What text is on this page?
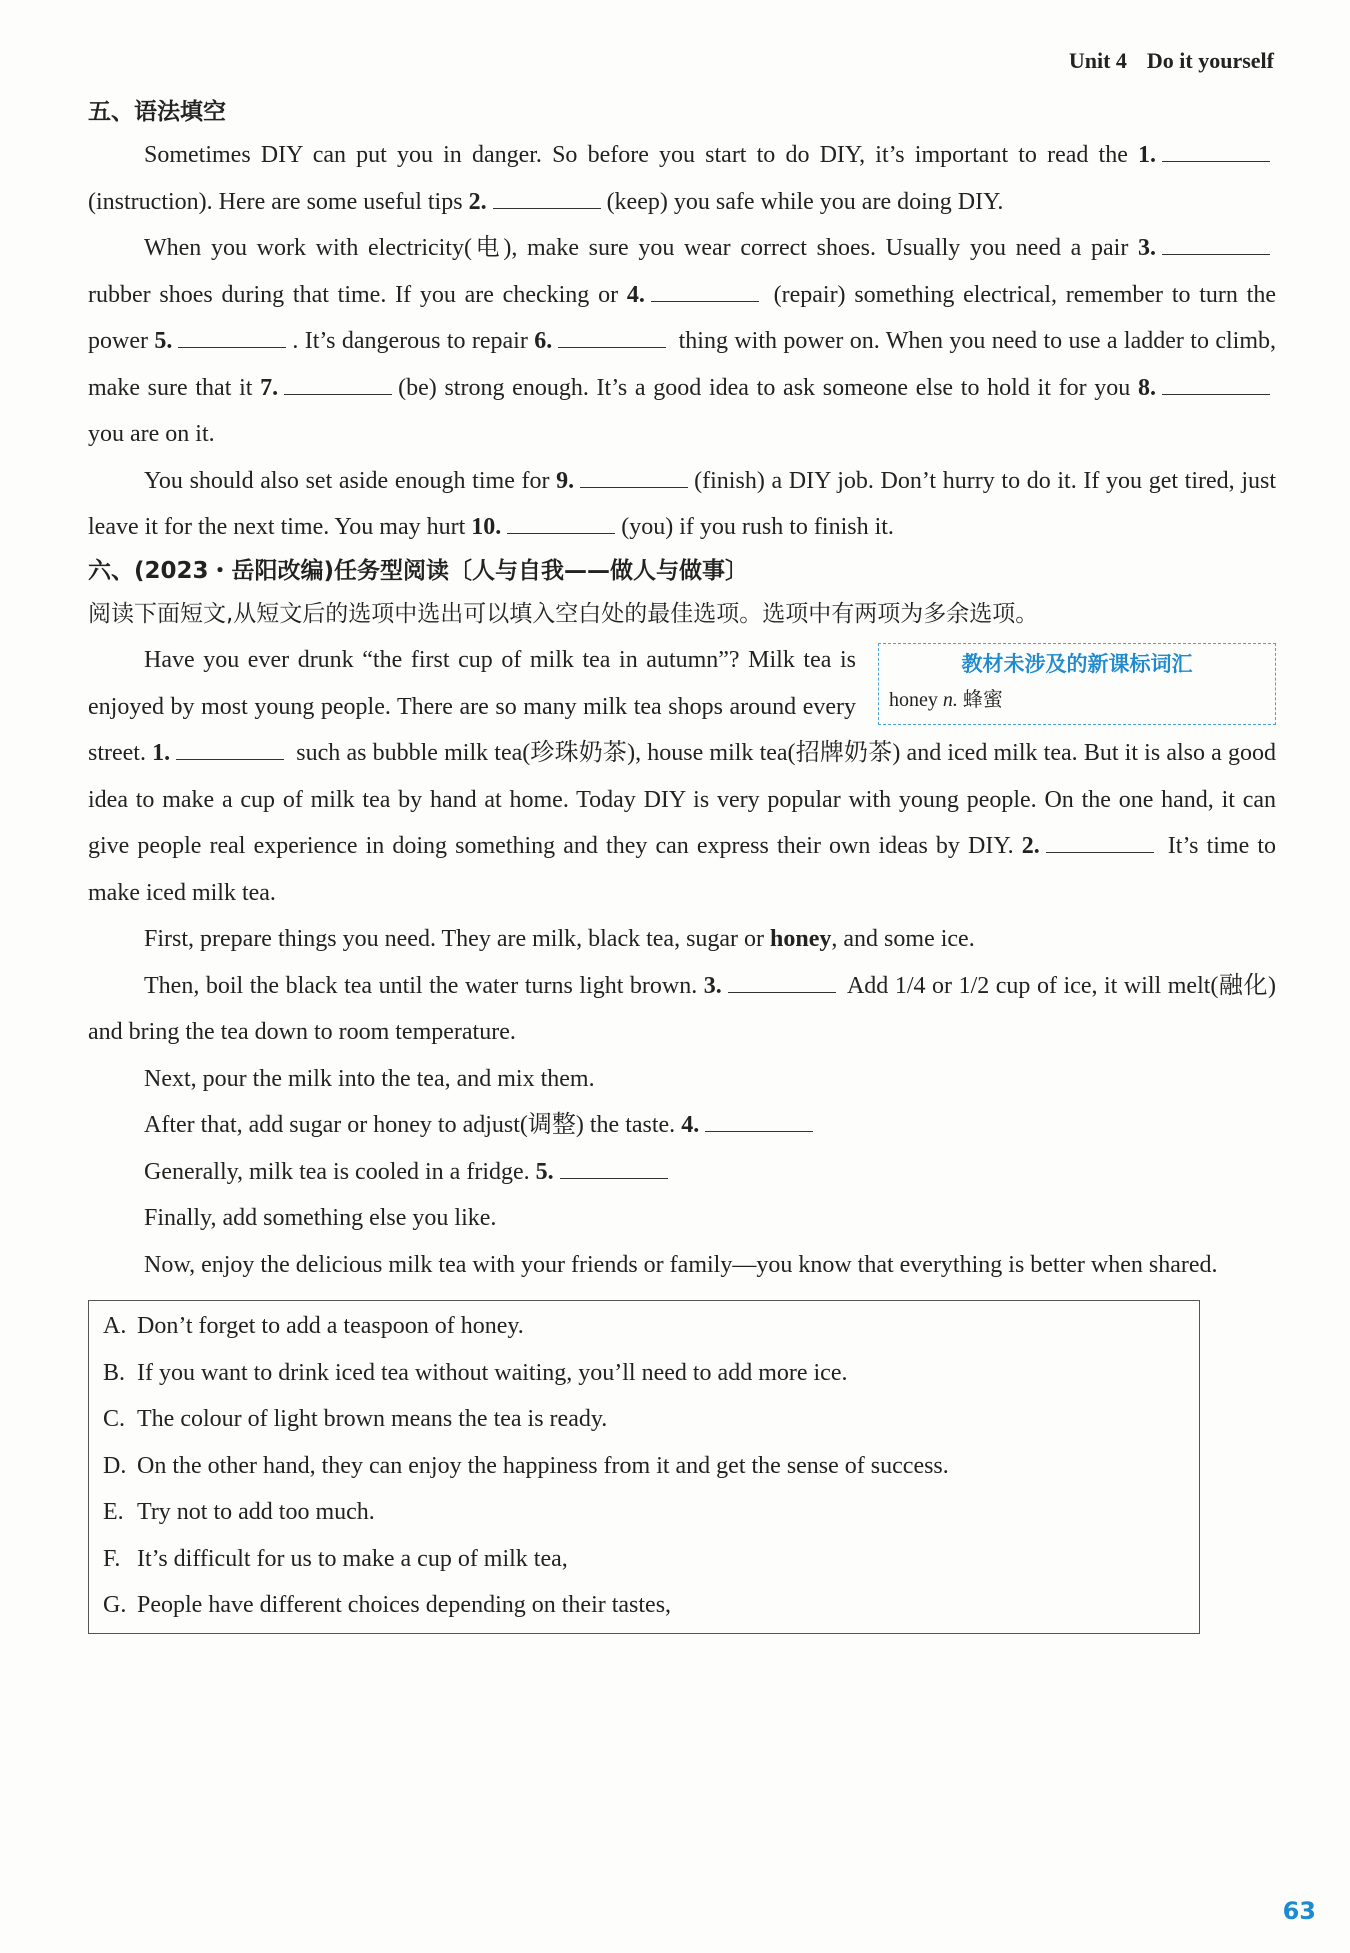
Unit 4 Do it yourself
五、语法填空

Sometimes DIY can put you in danger. So before you start to do DIY, it’s important to read the 1.(instruction). Here are some useful tips 2.	(keep) you safe while you are doing DIY.

When you work with electricity(电), make sure you wear correct shoes. Usually you need a pair 3. rubber shoes during that time. If you are checking or 4.	(repair) something electrical, remember to turn the power 5.	. It’s dangerous to repair 6.	thing with power on. When you need to use a ladder to climb, make sure that it 7.	(be) strong enough. It’s a good idea to ask someone else to hold it for you 8. you are on it.

You should also set aside enough time for 9.	(finish) a DIY job. Don’t hurry to do it. If you get tired, just leave it for the next time. You may hurt 10.	(you) if you rush to finish it.

六、(2023・岳阳改编)任务型阅读〔人与自我——做人与做事〕

阅读下面短文,从短文后的选项中选出可以填入空白处的最佳选项。选项中有两项为多余选项。

教材未涉及的新课标词汇
honey n. 蜂蜜

Have you ever drunk “the first cup of milk tea in autumn”? Milk tea is enjoyed by most young people. There are so many milk tea shops around every street. 1.	such as bubble milk tea(珍珠奶茶), house milk tea(招牌奶茶) and iced milk tea. But it is also a good idea to make a cup of milk tea by hand at home. Today DIY is very popular with young people. On the one hand, it can give people real experience in doing something and they can express their own ideas by DIY. 2.	It’s time to make iced milk tea.

First, prepare things you need. They are milk, black tea, sugar or honey, and some ice.

Then, boil the black tea until the water turns light brown. 3.	Add 1/4 or 1/2 cup of ice, it will melt(融化) and bring the tea down to room temperature.

Next, pour the milk into the tea, and mix them.

After that, add sugar or honey to adjust(调整) the taste. 4.

Generally, milk tea is cooled in a fridge. 5.

Finally, add something else you like.

Now, enjoy the delicious milk tea with your friends or family—you know that everything is better when shared.

A. Don’t forget to add a teaspoon of honey.
B. If you want to drink iced tea without waiting, you’ll need to add more ice.
C. The colour of light brown means the tea is ready.
D. On the other hand, they can enjoy the happiness from it and get the sense of success.
E. Try not to add too much.
F. It’s difficult for us to make a cup of milk tea,
G. People have different choices depending on their tastes,
63
